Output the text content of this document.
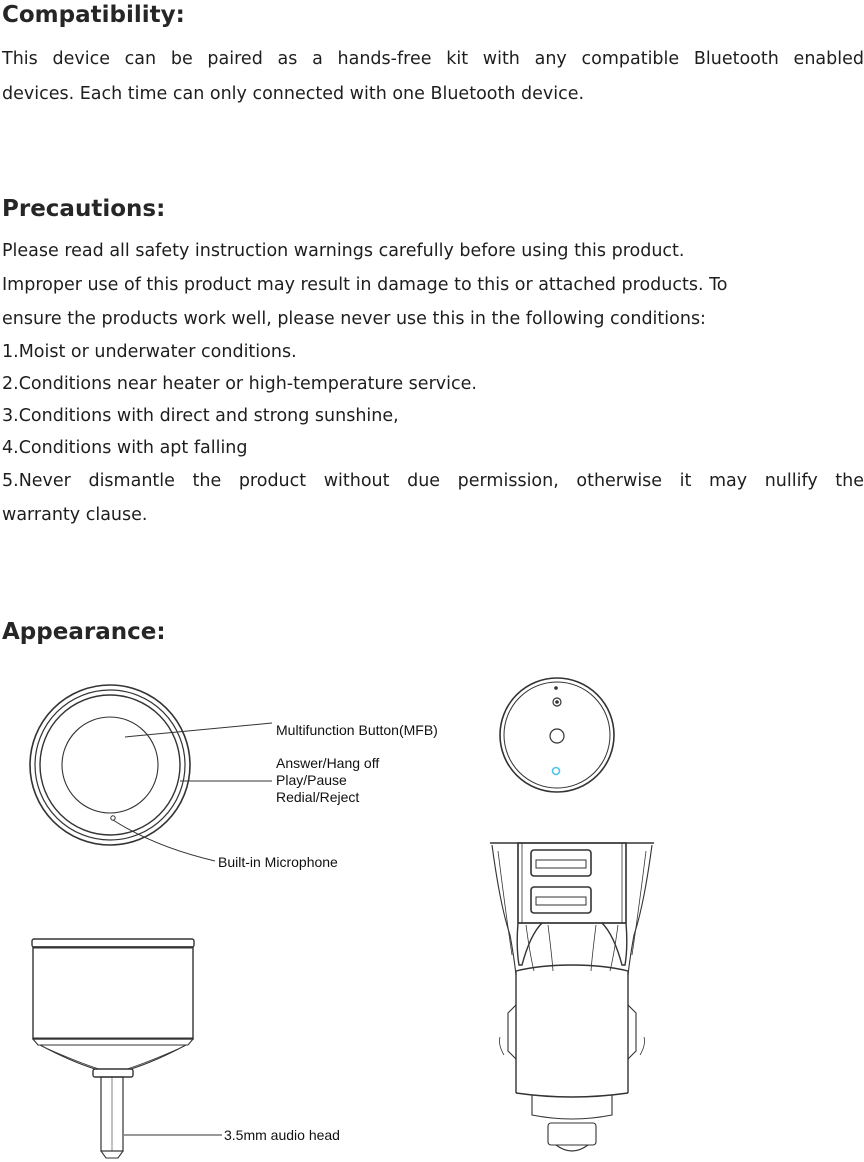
Compatibility:

This device can be paired as a hands-free kit with any compatible Bluetooth enabled

devices. Each time can only connected with one Bluetooth device.

Precautions:

Please read all safety instruction warnings carefully before using this product.

Improper use of this product may result in damage to this or attached products. To

ensure the products work well, please never use this in the following conditions:

1.Moist or underwater conditions.

2.Conditions near heater or high-temperature service.

3.Conditions with direct and strong sunshine,

4.Conditions with apt falling

5.Never dismantle the product without due permission, otherwise it may nullify the

warranty clause.

Appearance:
Multifunction Button(MFB)
Answer/Hang off
Play/Pause
Redial/Reject
Built-in Microphone
3.5mm audio head
